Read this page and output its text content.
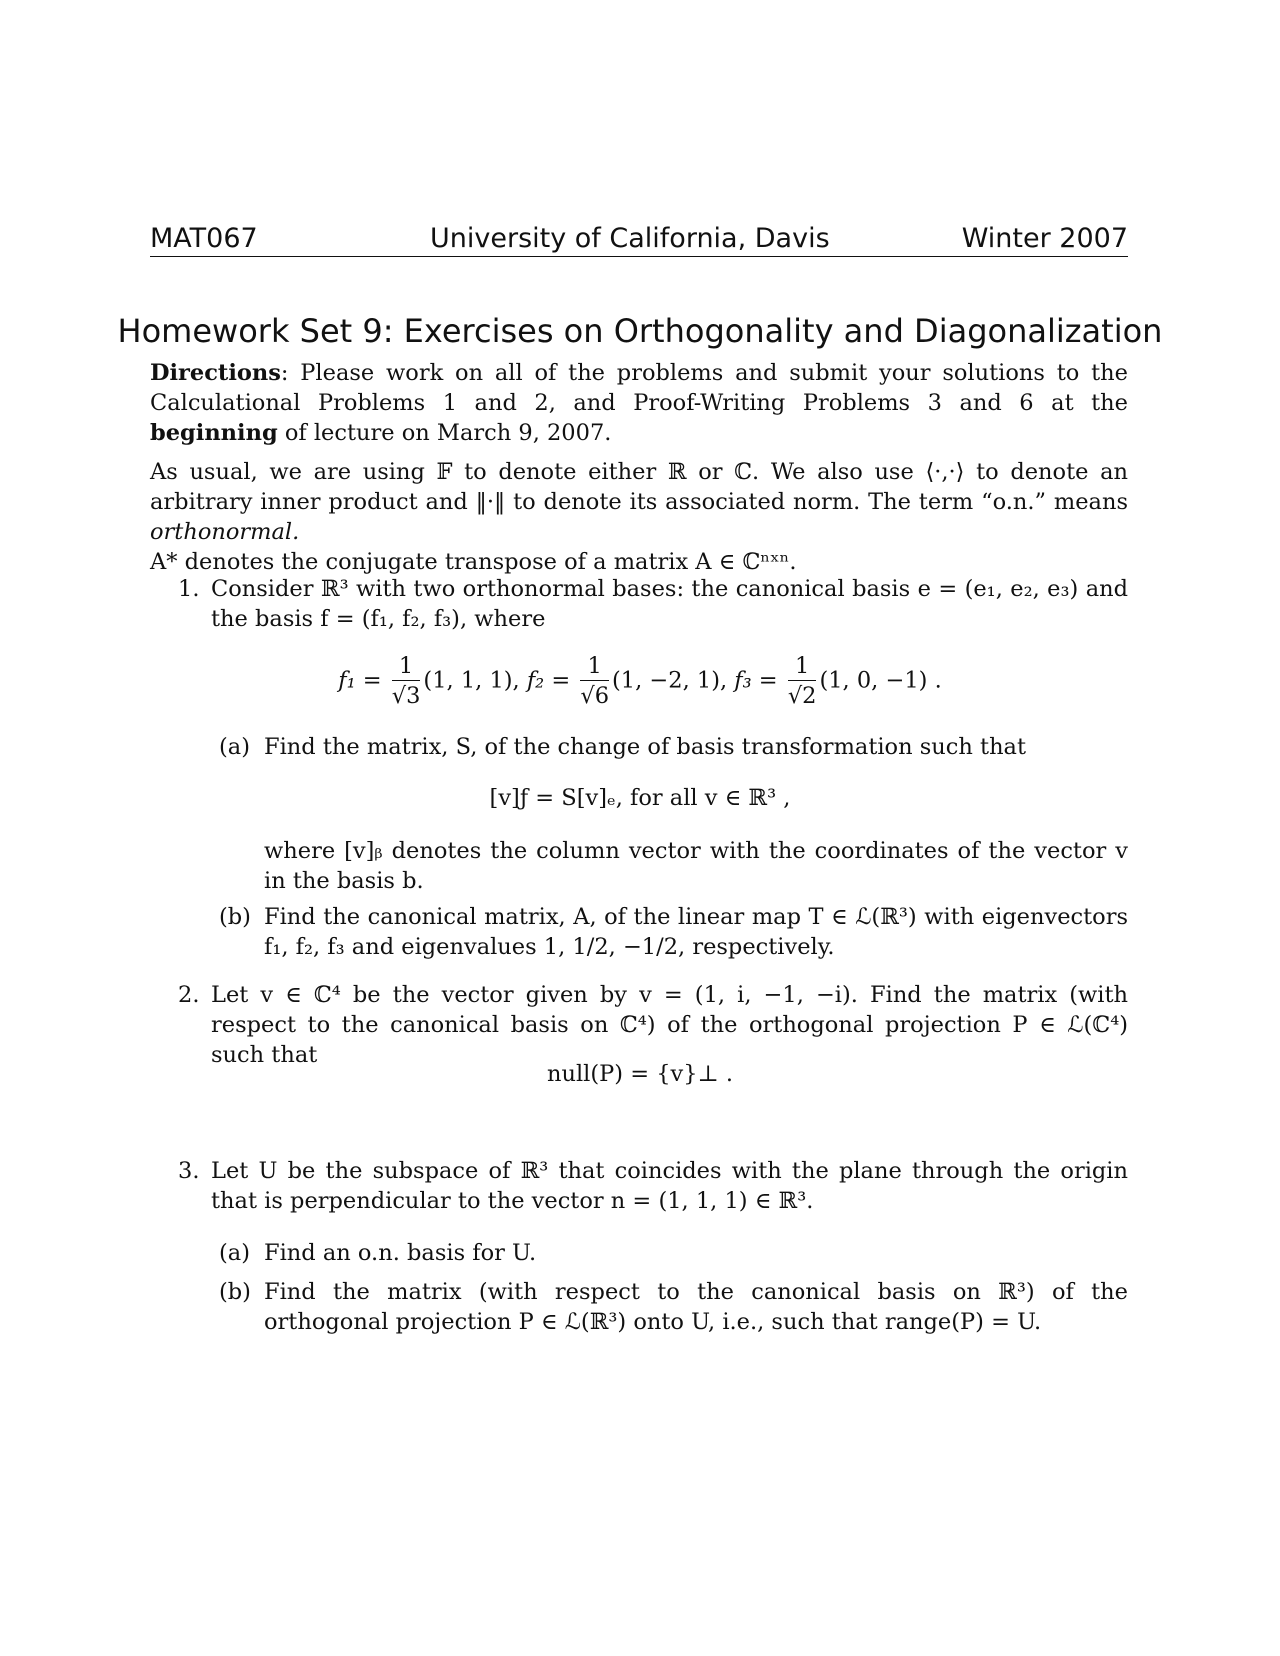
MAT067	University of California, Davis	Winter 2007
Homework Set 9: Exercises on Orthogonality and Diagonalization
Directions: Please work on all of the problems and submit your solutions to the Calculational Problems 1 and 2, and Proof-Writing Problems 3 and 6 at the beginning of lecture on March 9, 2007.
As usual, we are using 𝔽 to denote either ℝ or ℂ. We also use ⟨·,·⟩ to denote an arbitrary inner product and ‖·‖ to denote its associated norm. The term “o.n.” means orthonormal.
A* denotes the conjugate transpose of a matrix A ∈ ℂⁿˣⁿ.
1. Consider ℝ³ with two orthonormal bases: the canonical basis e = (e₁, e₂, e₃) and the basis f = (f₁, f₂, f₃), where
$f_1 = \frac{1}{√3} (1$, 1, 1), $f_2 = \frac{1}{√6} (1$, −2, 1), $f_3 = \frac{1}{√2} (1$, 0, −1) .
(a) Find the matrix, S, of the change of basis transformation such that
[v]ƒ = S[v]ₑ, for all v ∈ ℝ³ ,
where [v]ᵦ denotes the column vector with the coordinates of the vector v in the basis b.
(b) Find the canonical matrix, A, of the linear map T ∈ ℒ(ℝ³) with eigenvectors f₁, f₂, f₃ and eigenvalues 1, 1/2, −1/2, respectively.
2. Let v ∈ ℂ⁴ be the vector given by v = (1, i, −1, −i). Find the matrix (with respect to the canonical basis on ℂ⁴) of the orthogonal projection P ∈ ℒ(ℂ⁴) such that
null(P) = {v}⊥ .
3. Let U be the subspace of ℝ³ that coincides with the plane through the origin that is perpendicular to the vector n = (1, 1, 1) ∈ ℝ³.
(a) Find an o.n. basis for U.
(b) Find the matrix (with respect to the canonical basis on ℝ³) of the orthogonal projection P ∈ ℒ(ℝ³) onto U, i.e., such that range(P) = U.
